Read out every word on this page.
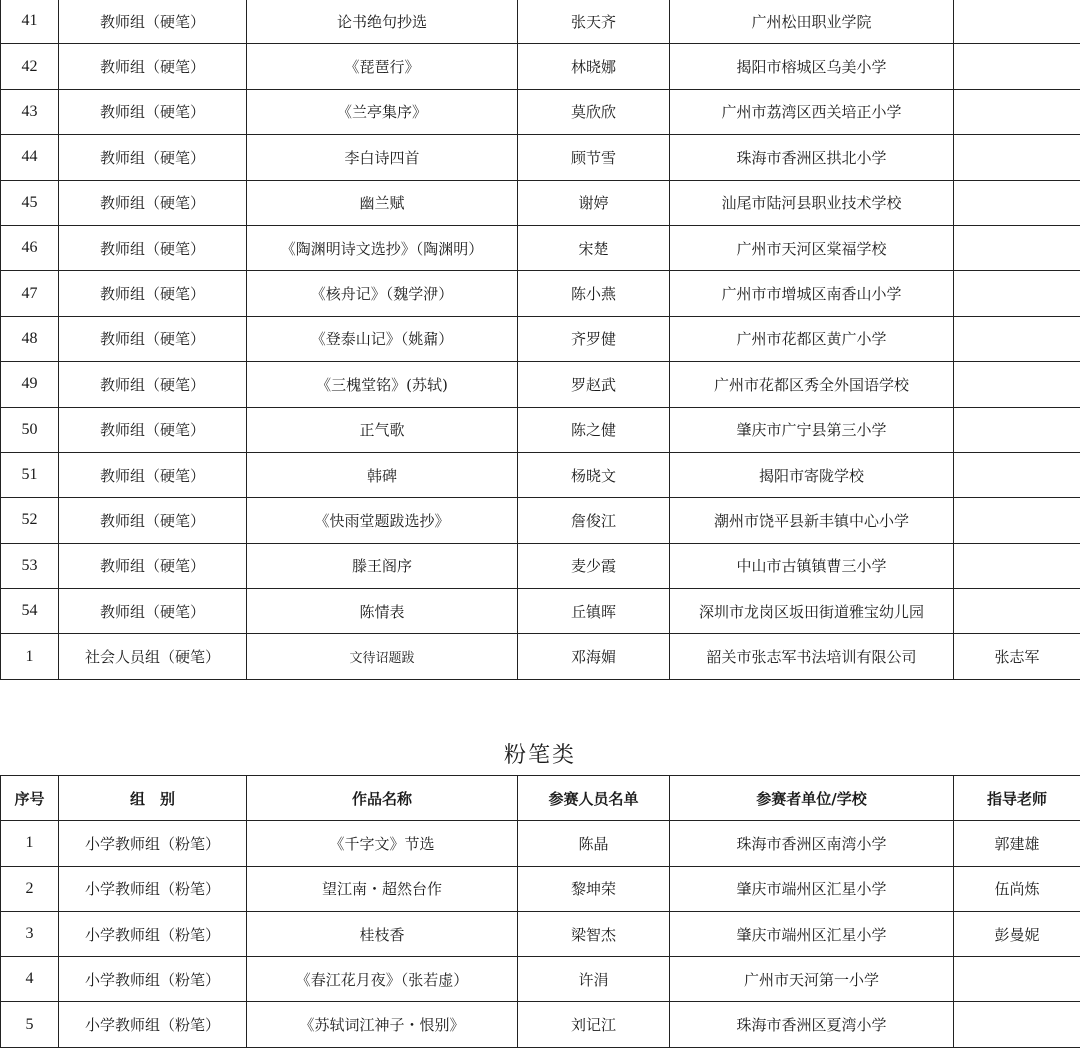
41	教师组（硬笔）	论书绝句抄选	张天齐	广州松田职业学院	
42	教师组（硬笔）	《琵琶行》	林晓娜	揭阳市榕城区乌美小学	
43	教师组（硬笔）	《兰亭集序》	莫欣欣	广州市荔湾区西关培正小学	
44	教师组（硬笔）	李白诗四首	顾节雪	珠海市香洲区拱北小学	
45	教师组（硬笔）	幽兰赋	谢婷	汕尾市陆河县职业技术学校	
46	教师组（硬笔）	《陶渊明诗文选抄》（陶渊明）	宋楚	广州市天河区棠福学校	
47	教师组（硬笔）	《核舟记》（魏学洢）	陈小燕	广州市市增城区南香山小学	
48	教师组（硬笔）	《登泰山记》（姚鼐）	齐罗健	广州市花都区黄广小学	
49	教师组（硬笔）	《三槐堂铭》(苏轼)	罗赵武	广州市花都区秀全外国语学校	
50	教师组（硬笔）	正气歌	陈之健	肇庆市广宁县第三小学	
51	教师组（硬笔）	韩碑	杨晓文	揭阳市寄陇学校	
52	教师组（硬笔）	《快雨堂题跋选抄》	詹俊江	潮州市饶平县新丰镇中心小学	
53	教师组（硬笔）	滕王阁序	麦少霞	中山市古镇镇曹三小学	
54	教师组（硬笔）	陈情表	丘镇晖	深圳市龙岗区坂田街道雅宝幼儿园	
1	社会人员组（硬笔）	文待诏题跋	邓海媚	韶关市张志军书法培训有限公司	张志军
粉笔类
序号	组　别	作品名称	参赛人员名单	参赛者单位/学校	指导老师
1	小学教师组（粉笔）	《千字文》节选	陈晶	珠海市香洲区南湾小学	郭建雄
2	小学教师组（粉笔）	望江南・超然台作	黎坤荣	肇庆市端州区汇星小学	伍尚炼
3	小学教师组（粉笔）	桂枝香	梁智杰	肇庆市端州区汇星小学	彭曼妮
4	小学教师组（粉笔）	《春江花月夜》（张若虚）	许涓	广州市天河第一小学	
5	小学教师组（粉笔）	《苏轼词江神子・恨别》	刘记江	珠海市香洲区夏湾小学	
